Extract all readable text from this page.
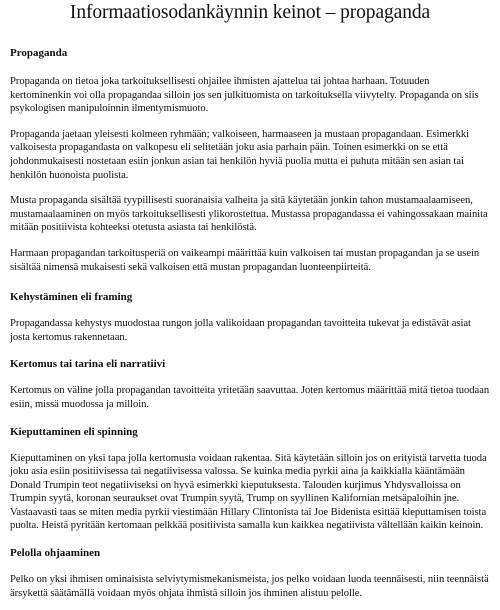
Informaatiosodankäynnin keinot – propaganda
Propaganda

Propaganda on tietoa joka tarkoituksellisesti ohjailee ihmisten ajattelua tai johtaa harhaan. Totuuden kertominenkin voi olla propagandaa silloin jos sen julkituomista on tarkoituksella viivytelty. Propaganda on siis psykologisen manipuloinnin ilmentymismuoto.

Propaganda jaetaan yleisesti kolmeen ryhmään; valkoiseen, harmaaseen ja mustaan propagandaan. Esimerkki valkoisesta propagandasta on valkopesu eli selitetään joku asia parhain päin. Toinen esimerkki on se että johdonmukaisesti nostetaan esiin jonkun asian tai henkilön hyviä puolia mutta ei puhuta mitään sen asian tai henkilön huonoista puolista.

Musta propaganda sisältää tyypillisesti suoranaisia valheita ja sitä käytetään jonkin tahon mustamaalaamiseen, mustamaalaaminen on myös tarkoituksellisesti ylikorostettua. Mustassa propagandassa ei vahingossakaan mainita mitään positiivista kohteeksi otetusta asiasta tai henkilöstä.

Harmaan propagandan tarkoitusperiä on vaikeampi määrittää kuin valkoisen tai mustan propagandan ja se usein sisältää nimensä mukaisesti sekä valkoisen että mustan propagandan luonteenpiirteitä.

Kehystäminen eli framing

Propagandassa kehystys muodostaa rungon jolla valikoidaan propagandan tavoitteita tukevat ja edistävät asiat josta kertomus rakennetaan.

Kertomus tai tarina eli narratiivi

Kertomus on väline jolla propagandan tavoitteita yritetään saavuttaa. Joten kertomus määrittää mitä tietoa tuodaan esiin, missä muodossa ja milloin.

Kieputtaminen eli spinning

Kieputtaminen on yksi tapa jolla kertomusta voidaan rakentaa. Sitä käytetään silloin jos on erityistä tarvetta tuoda joku asia esiin positiivisessa tai negatiivisessa valossa. Se kuinka media pyrkii aina ja kaikkialla kääntämään Donald Trumpin teot negatiiviseksi on hyvä esimerkki kieputuksesta. Talouden kurjimus Yhdysvalloissa on Trumpin syytä, koronan seuraukset ovat Trumpin syytä, Trump on syyllinen Kalifornian metsäpaloihin jne. Vastaavasti taas se miten media pyrkii viestimään Hillary Clintonista tai Joe Bidenista esittää kieputtamisen toista puolta. Heistä pyritään kertomaan pelkkää positiivista samalla kun kaikkea negatiivista vältellään kaikin keinoin.

Pelolla ohjaaminen

Pelko on yksi ihmisen ominaisista selviytymismekanismeista, jos pelko voidaan luoda teennäisesti, niin teennäistä ärsykettä säätämällä voidaan myös ohjata ihmistä silloin jos ihminen alistuu pelolle.
